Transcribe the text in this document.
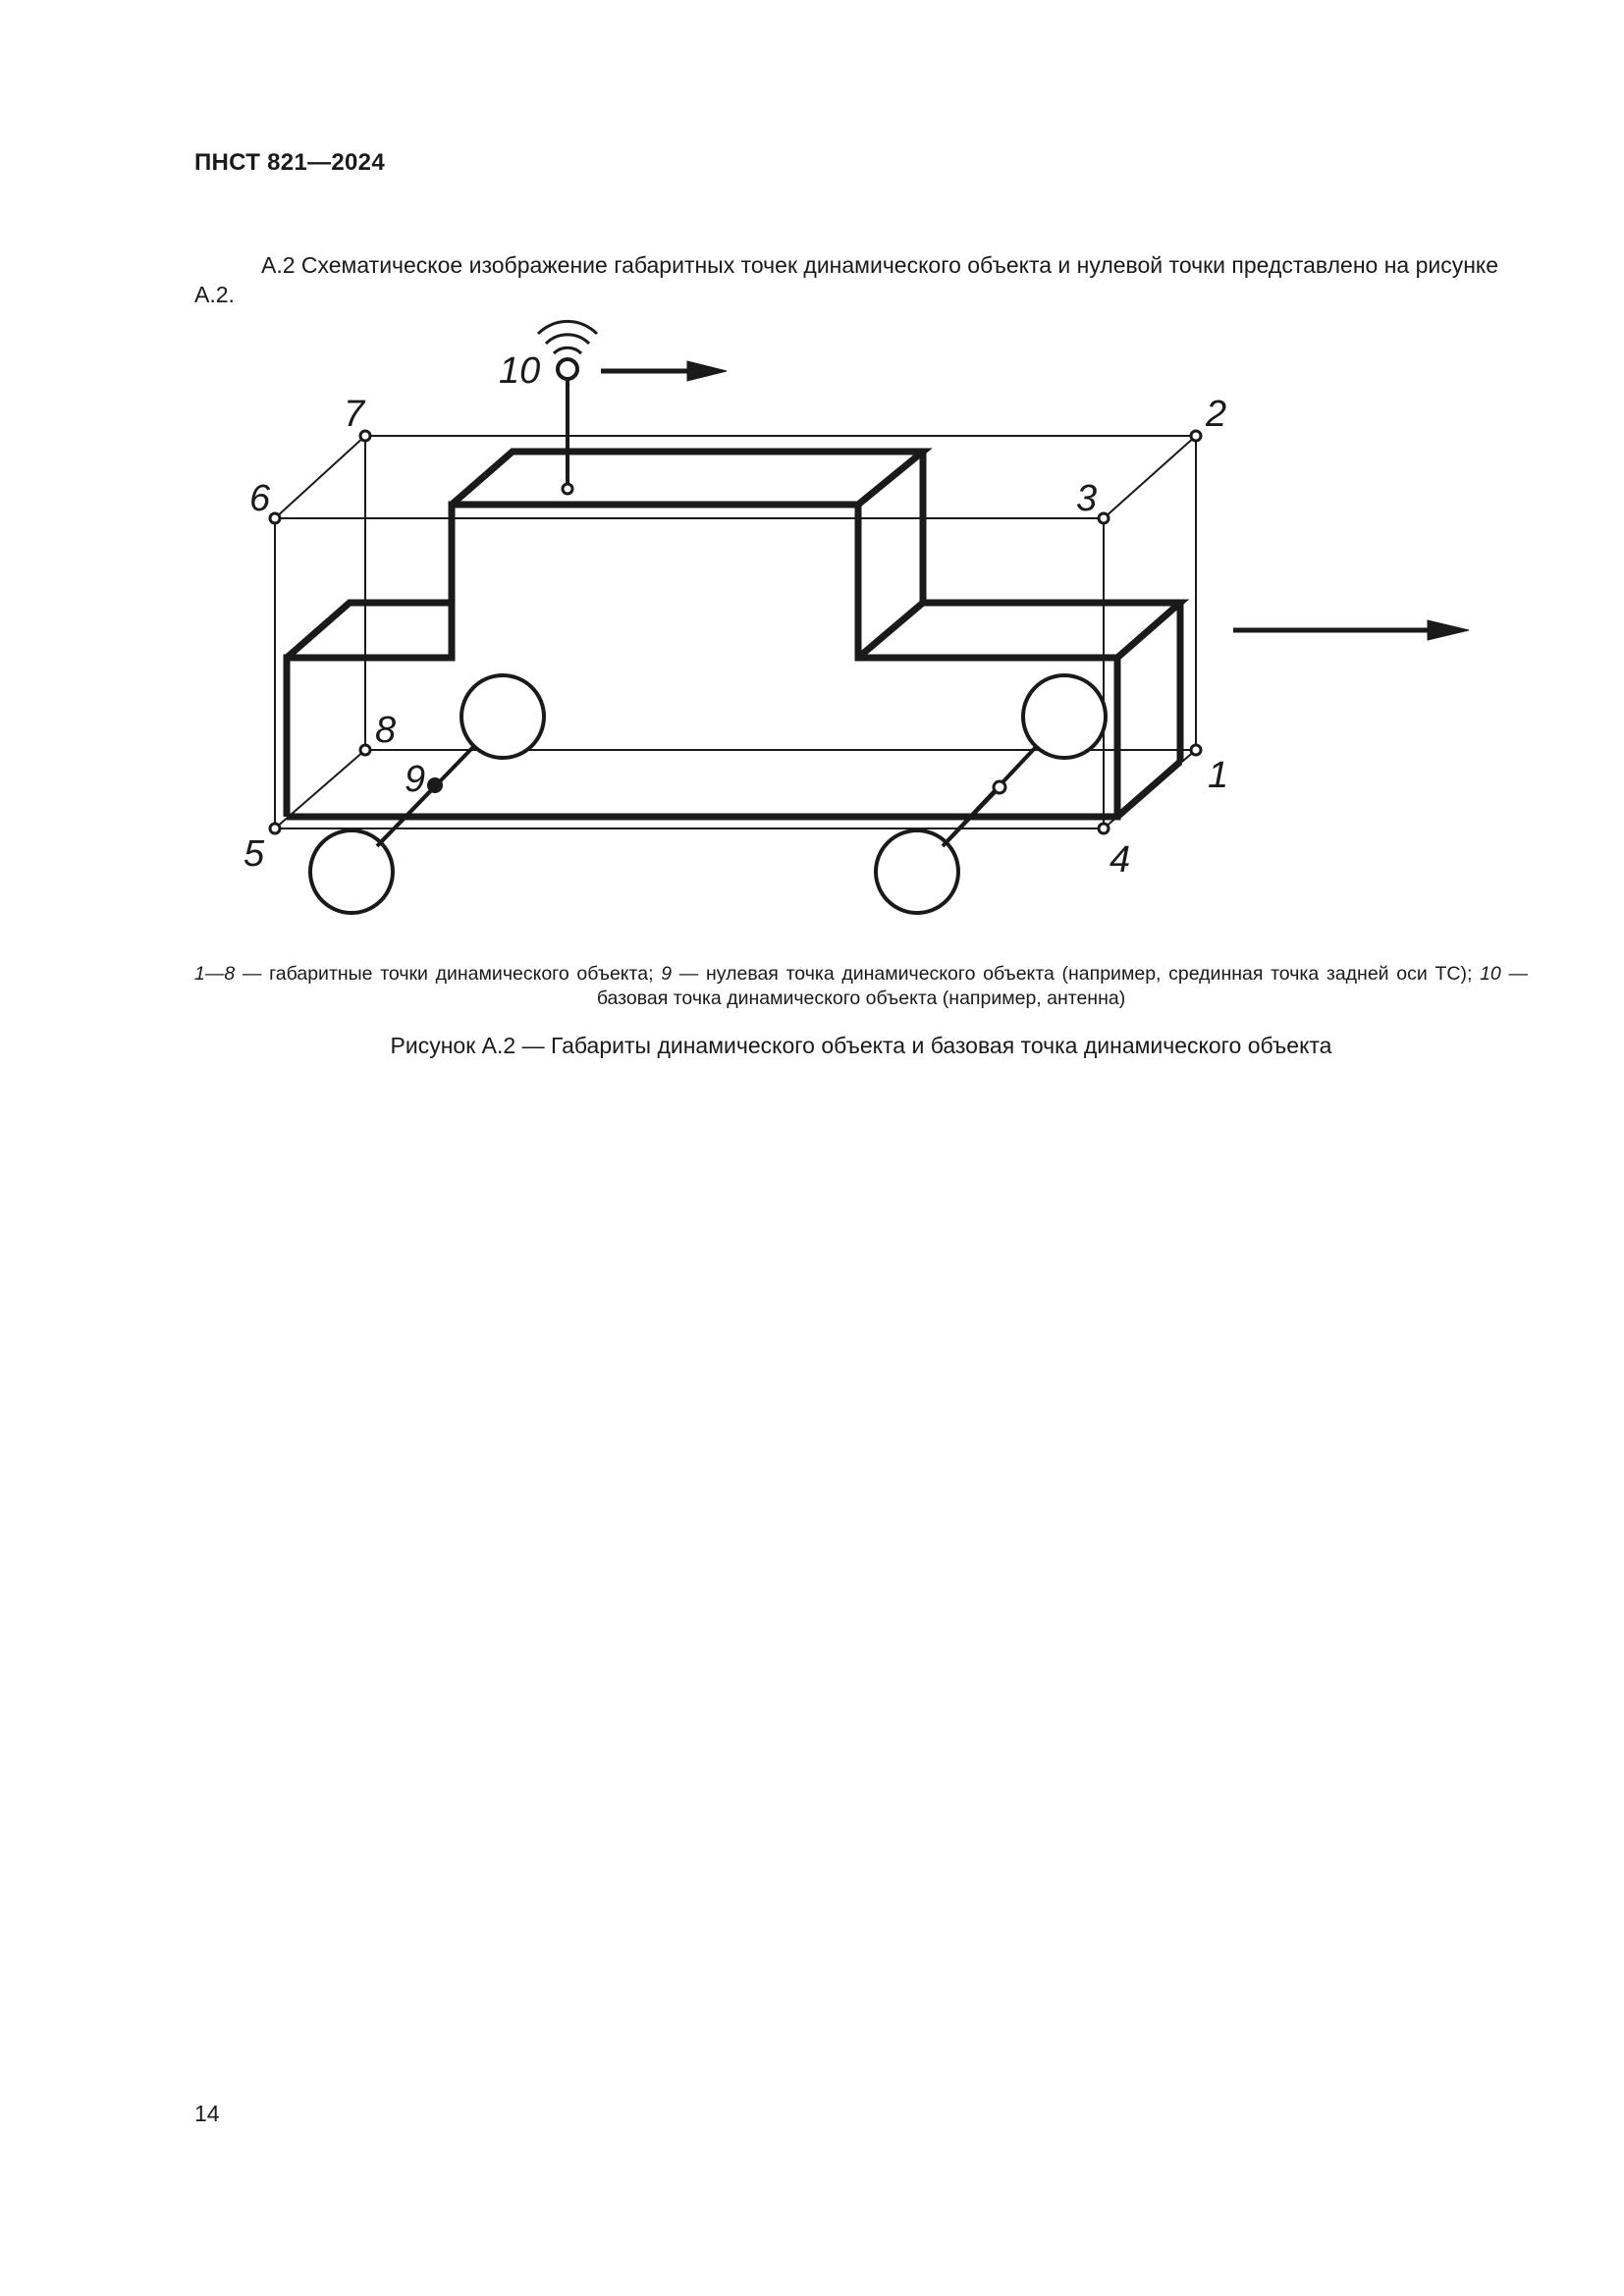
ПНСТ 821—2024

А.2 Схематическое изображение габаритных точек динамического объекта и нулевой точки представлено на рисунке А.2.

1
2
3
4
5
6
7
8
9
10
1—8 — габаритные точки динамического объекта; 9 — нулевая точка динамического объекта (например, срединная точка задней оси ТС); 10 — базовая точка динамического объекта (например, антенна)
Рисунок А.2 — Габариты динамического объекта и базовая точка динамического объекта
14
